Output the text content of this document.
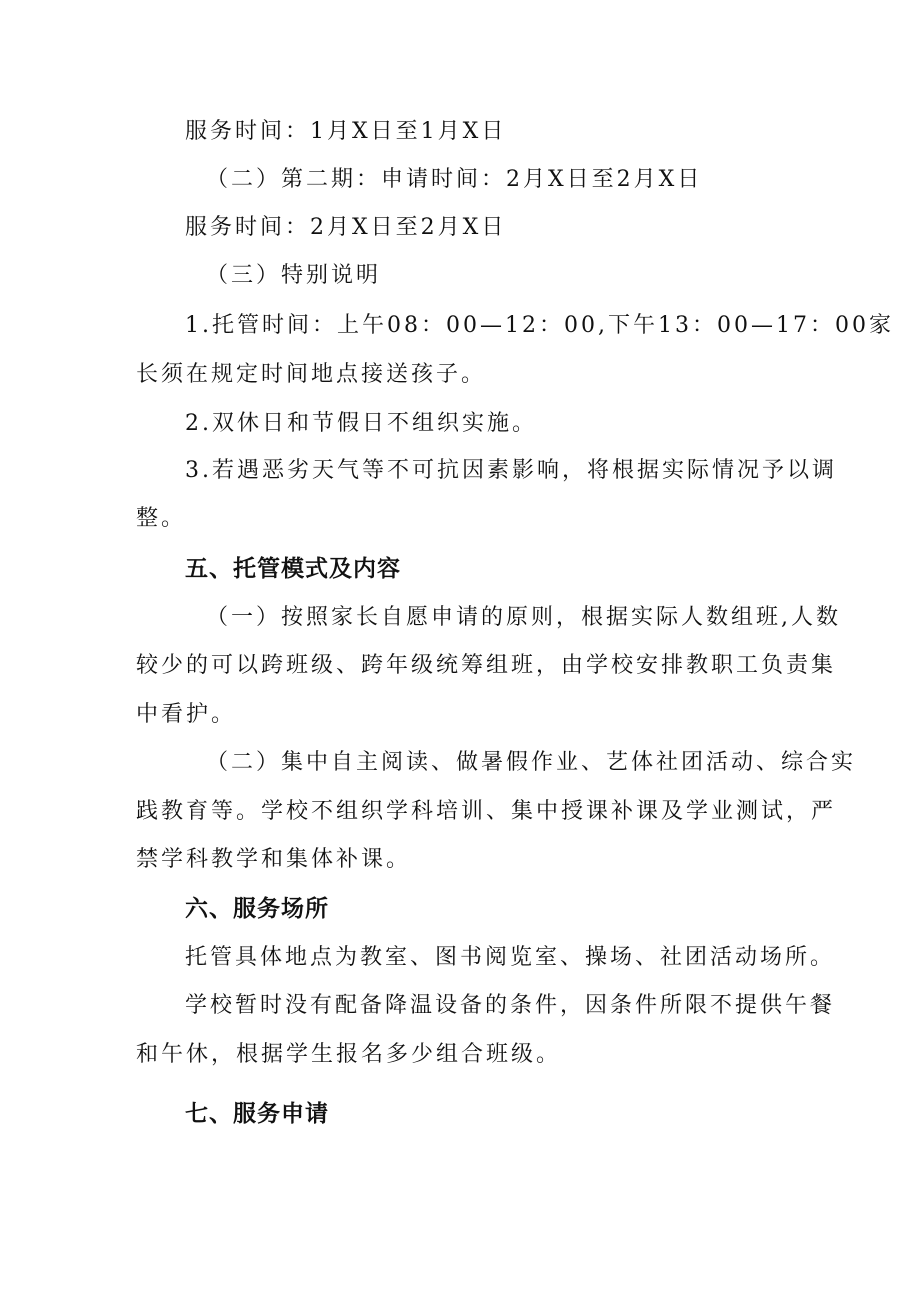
服务时间：1月X日至1月X日
（二）第二期：申请时间：2月X日至2月X日
服务时间：2月X日至2月X日
（三）特别说明
1.托管时间：上午08：00—12：00,下午13：00—17：00家
长须在规定时间地点接送孩子。
2.双休日和节假日不组织实施。
3.若遇恶劣天气等不可抗因素影响，将根据实际情况予以调
整。
五、托管模式及内容
（一）按照家长自愿申请的原则，根据实际人数组班,人数
较少的可以跨班级、跨年级统筹组班，由学校安排教职工负责集
中看护。
（二）集中自主阅读、做暑假作业、艺体社团活动、综合实
践教育等。学校不组织学科培训、集中授课补课及学业测试，严
禁学科教学和集体补课。
六、服务场所
托管具体地点为教室、图书阅览室、操场、社团活动场所。
学校暂时没有配备降温设备的条件，因条件所限不提供午餐
和午休，根据学生报名多少组合班级。
七、服务申请
